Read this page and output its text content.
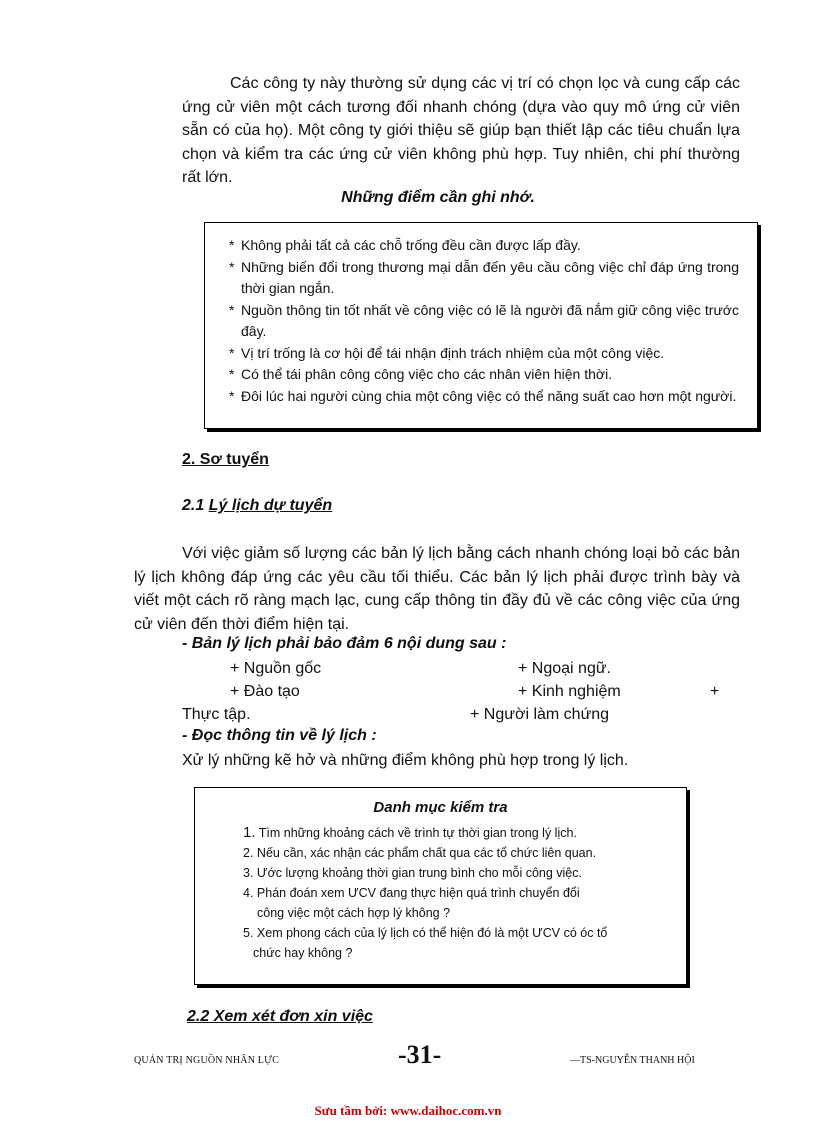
Các công ty này thường sử dụng các vị trí có chọn lọc và cung cấp các ứng cử viên một cách tương đối nhanh chóng (dựa vào quy mô ứng cử viên sẵn có của họ). Một công ty giới thiệu sẽ giúp bạn thiết lập các tiêu chuẩn lựa chọn và kiểm tra các ứng cử viên không phù hợp. Tuy nhiên, chi phí thường rất lớn.
Những điểm cần ghi nhớ.
* Không phải tất cả các chỗ trống đều cần được lấp đầy.
* Những biến đổi trong thương mại dẫn đến yêu cầu công việc chỉ đáp ứng trong thời gian ngắn.
* Nguồn thông tin tốt nhất về công việc có lẽ là người đã nắm giữ công việc trước đây.
* Vị trí trống là cơ hội để tái nhận định trách nhiệm của một công việc.
* Có thể tái phân công công việc cho các nhân viên hiện thời.
* Đôi lúc hai người cùng chia một công việc có thể năng suất cao hơn một người.
2. Sơ tuyển
2.1 Lý lịch dự tuyển
Với việc giảm số lượng các bản lý lịch bằng cách nhanh chóng loại bỏ các bản lý lịch không đáp ứng các yêu cầu tối thiểu. Các bản lý lịch phải được trình bày và viết một cách rõ ràng mạch lạc, cung cấp thông tin đầy đủ về các công việc của ứng cử viên đến thời điểm hiện tại.
- Bản lý lịch phải bảo đảm 6 nội dung sau :
+ Nguồn gốc	+ Ngoại ngữ.
+ Đào tạo	+ Kinh nghiệm	+
Thực tập.	+ Người làm chứng
- Đọc thông tin về lý lịch :
Xử lý những kẽ hở và những điểm không phù hợp trong lý lịch.
Danh mục kiểm tra
1. Tìm những khoảng cách về trình tự thời gian trong lý lịch.
2. Nếu cần, xác nhận các phẩm chất qua các tổ chức liên quan.
3. Ước lượng khoảng thời gian trung bình cho mỗi công việc.
4. Phán đoán xem ƯCV đang thực hiện quá trình chuyển đổi
công việc một cách hợp lý không ?
5. Xem phong cách của lý lịch có thể hiện đó là một ƯCV có óc tổ
chức hay không ?
2.2 Xem xét đơn xin việc
QUẢN TRỊ NGUỒN NHÂN LỰC	-31-	—TS-NGUYỄN THANH HỘI
Sưu tầm bởi: www.daihoc.com.vn
